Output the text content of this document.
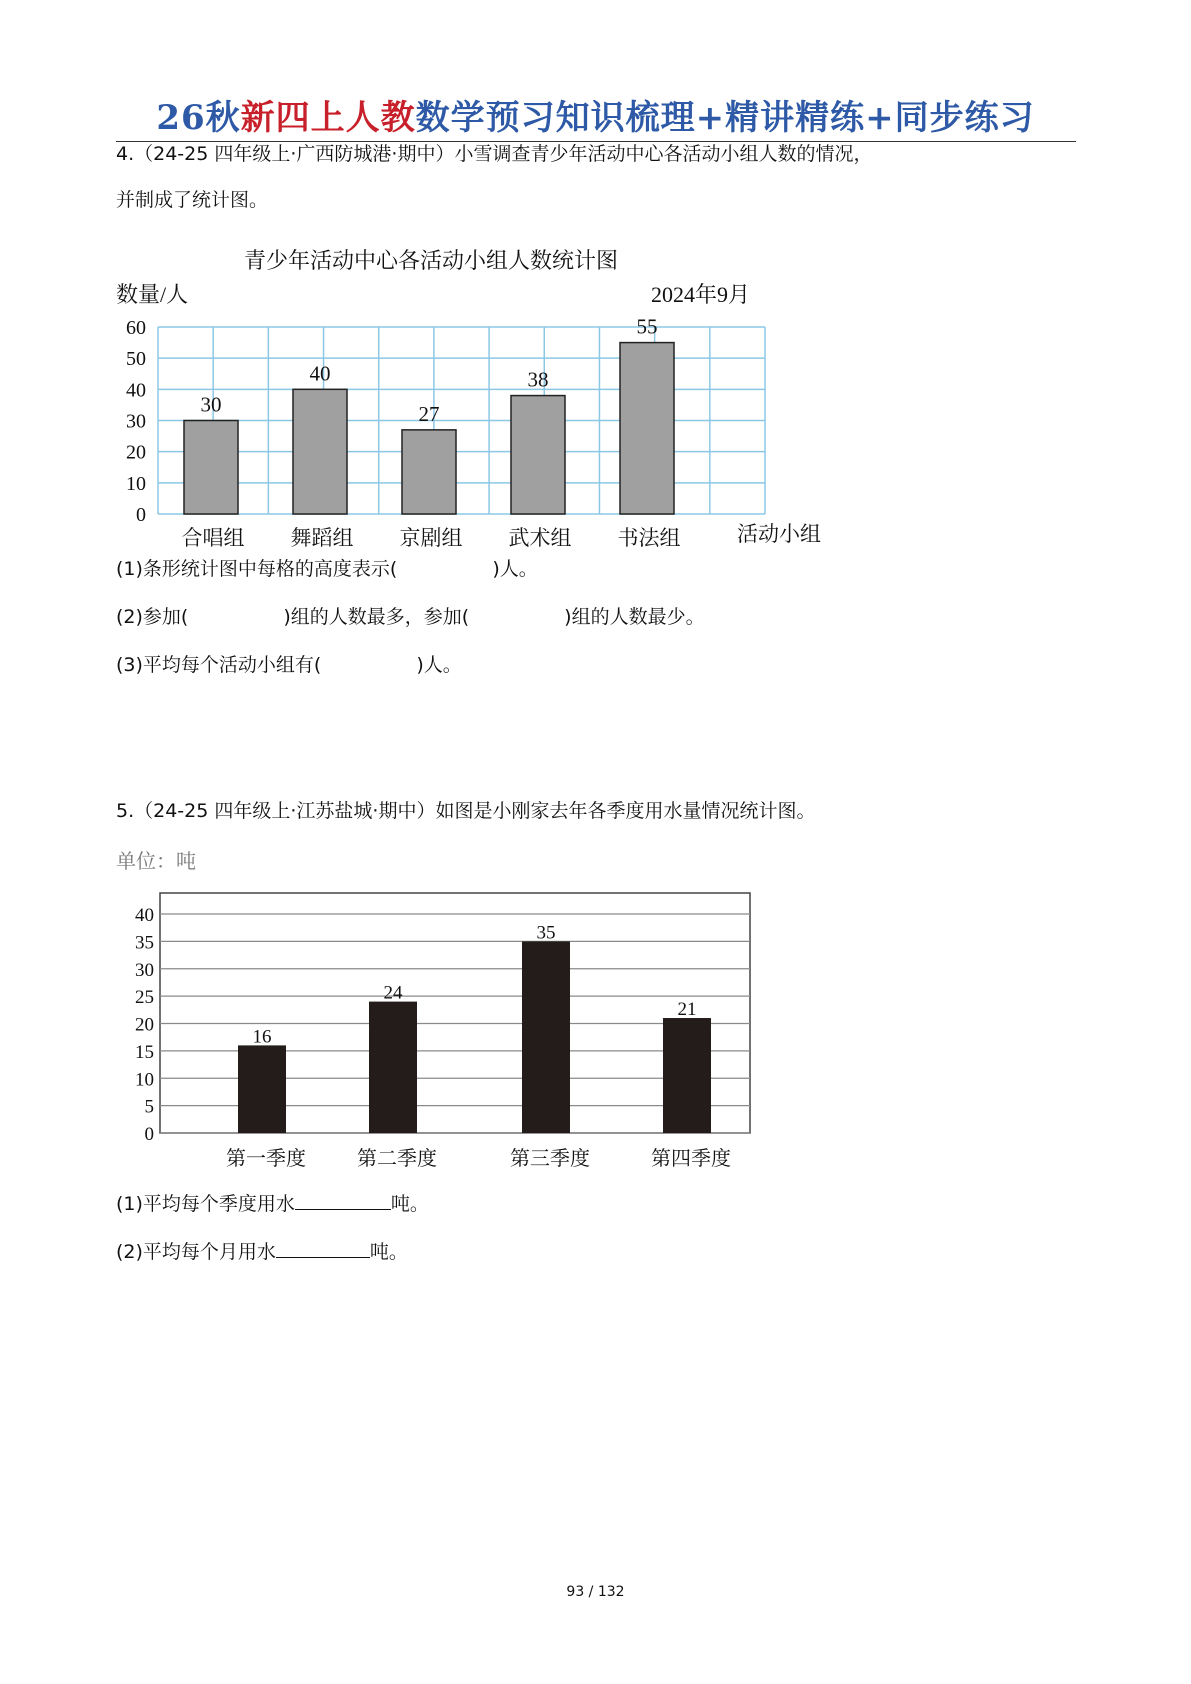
26秋新四上人教数学预习知识梳理+精讲精练+同步练习
4.（24-25 四年级上·广西防城港·期中）小雪调查青少年活动中心各活动小组人数的情况，
并制成了统计图。
0
10
20
30
40
50
60
30
合唱组
40
舞蹈组
27
京剧组
38
武术组
55
书法组
青少年活动中心各活动小组人数统计图
数量/人	2024年9月
活动小组
(1)条形统计图中每格的高度表示(	)人。
(2)参加(	)组的人数最多，参加(	)组的人数最少。
(3)平均每个活动小组有(	)人。
5.（24-25 四年级上·江苏盐城·期中）如图是小刚家去年各季度用水量情况统计图。
0
5
10
15
20
25
30
35
40
16
第一季度
24
第二季度
35
第三季度
21
第四季度
单位：吨
(1)平均每个季度用水	吨。
(2)平均每个月用水	吨。
93 / 132
